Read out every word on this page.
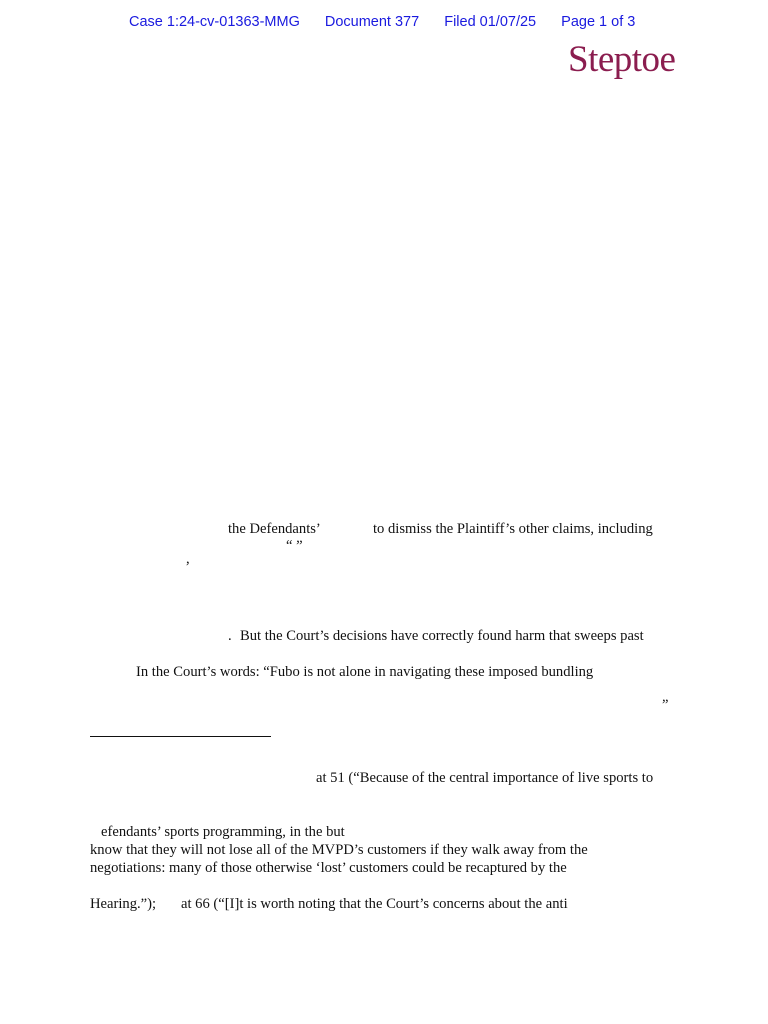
Case 1:24-cv-01363-MMG Document 377 Filed 01/07/25 Page 1 of 3
Steptoe
the Defendants’	to dismiss the Plaintiff’s other claims, including
“ ”
,
. But the Court’s decisions have correctly found harm that sweeps past
In the Court’s words: “Fubo is not alone in navigating these imposed bundling
”
at 51 (“Because of the central importance of live sports to
efendants’ sports programming, in the but
know that they will not lose all of the MVPD’s customers if they walk away from the
negotiations: many of those otherwise ‘lost’ customers could be recaptured by the
Hearing.”); at 66 (“[I]t is worth noting that the Court’s concerns about the anti
